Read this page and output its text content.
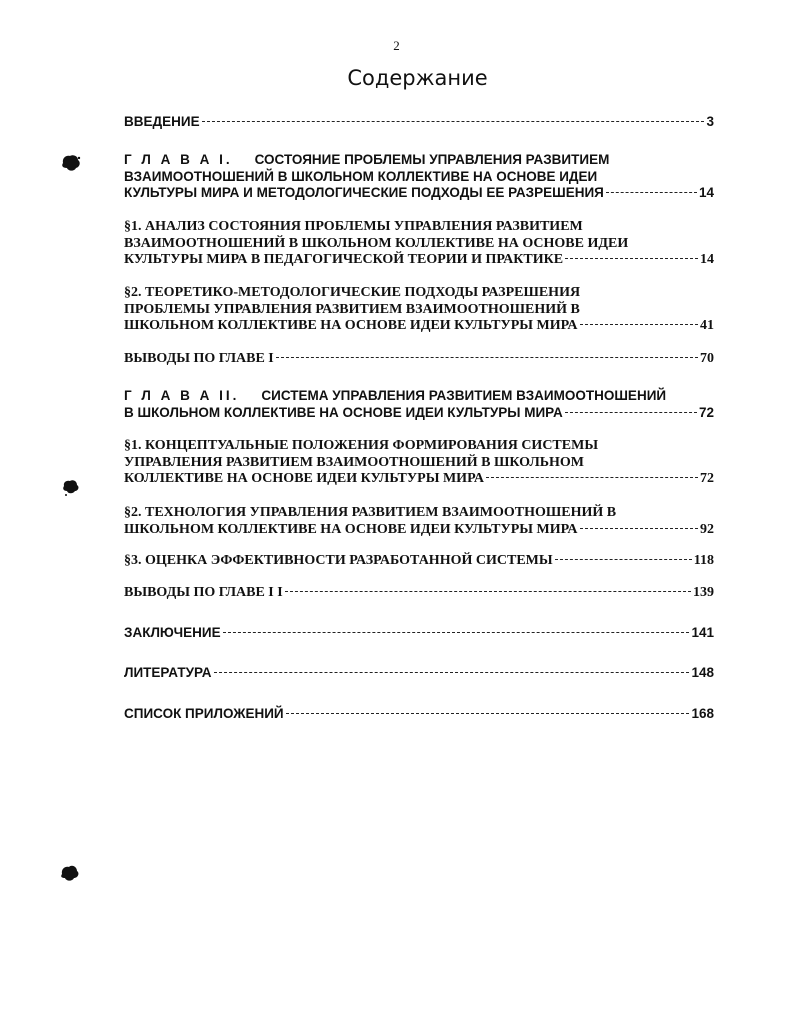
2
Содержание
ВВЕДЕНИЕ	3
Г Л А В А I. СОСТОЯНИЕ ПРОБЛЕМЫ УПРАВЛЕНИЯ РАЗВИТИЕМ
ВЗАИМООТНОШЕНИЙ В ШКОЛЬНОМ КОЛЛЕКТИВЕ НА ОСНОВЕ ИДЕИ
КУЛЬТУРЫ МИРА И МЕТОДОЛОГИЧЕСКИЕ ПОДХОДЫ ЕЕ РАЗРЕШЕНИЯ	14
§1. АНАЛИЗ СОСТОЯНИЯ ПРОБЛЕМЫ УПРАВЛЕНИЯ РАЗВИТИЕМ
ВЗАИМООТНОШЕНИЙ В ШКОЛЬНОМ КОЛЛЕКТИВЕ НА ОСНОВЕ ИДЕИ
КУЛЬТУРЫ МИРА В ПЕДАГОГИЧЕСКОЙ ТЕОРИИ И ПРАКТИКЕ	14
§2. ТЕОРЕТИКО-МЕТОДОЛОГИЧЕСКИЕ ПОДХОДЫ РАЗРЕШЕНИЯ
ПРОБЛЕМЫ УПРАВЛЕНИЯ РАЗВИТИЕМ ВЗАИМООТНОШЕНИЙ В
ШКОЛЬНОМ КОЛЛЕКТИВЕ НА ОСНОВЕ ИДЕИ КУЛЬТУРЫ МИРА	41
ВЫВОДЫ ПО ГЛАВЕ I	70
Г Л А В А II. СИСТЕМА УПРАВЛЕНИЯ РАЗВИТИЕМ ВЗАИМООТНОШЕНИЙ
В ШКОЛЬНОМ КОЛЛЕКТИВЕ НА ОСНОВЕ ИДЕИ КУЛЬТУРЫ МИРА	72
§1. КОНЦЕПТУАЛЬНЫЕ ПОЛОЖЕНИЯ ФОРМИРОВАНИЯ СИСТЕМЫ
УПРАВЛЕНИЯ РАЗВИТИЕМ ВЗАИМООТНОШЕНИЙ В ШКОЛЬНОМ
КОЛЛЕКТИВЕ НА ОСНОВЕ ИДЕИ КУЛЬТУРЫ МИРА	72
§2. ТЕХНОЛОГИЯ УПРАВЛЕНИЯ РАЗВИТИЕМ ВЗАИМООТНОШЕНИЙ В
ШКОЛЬНОМ КОЛЛЕКТИВЕ НА ОСНОВЕ ИДЕИ КУЛЬТУРЫ МИРА	92
§3. ОЦЕНКА ЭФФЕКТИВНОСТИ РАЗРАБОТАННОЙ СИСТЕМЫ	118
ВЫВОДЫ ПО ГЛАВЕ I I	139
ЗАКЛЮЧЕНИЕ	141
ЛИТЕРАТУРА	148
СПИСОК ПРИЛОЖЕНИЙ	168
